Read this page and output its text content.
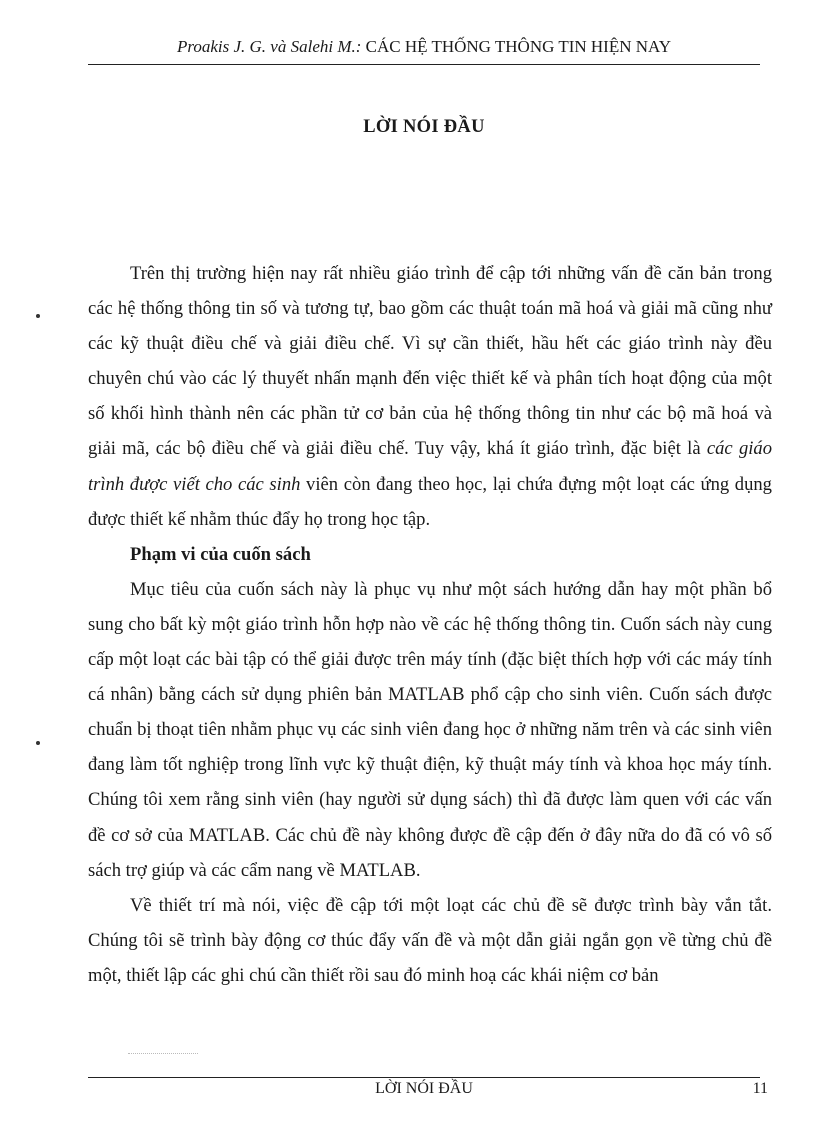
Proakis J. G. và Salehi M.: CÁC HỆ THỐNG THÔNG TIN HIỆN NAY
LỜI NÓI ĐẦU

Trên thị trường hiện nay rất nhiều giáo trình để cập tới những vấn đề căn bản trong các hệ thống thông tin số và tương tự, bao gồm các thuật toán mã hoá và giải mã cũng như các kỹ thuật điều chế và giải điều chế. Vì sự cần thiết, hầu hết các giáo trình này đều chuyên chú vào các lý thuyết nhấn mạnh đến việc thiết kế và phân tích hoạt động của một số khối hình thành nên các phần tử cơ bản của hệ thống thông tin như các bộ mã hoá và giải mã, các bộ điều chế và giải điều chế. Tuy vậy, khá ít giáo trình, đặc biệt là các giáo trình được viết cho các sinh viên còn đang theo học, lại chứa đựng một loạt các ứng dụng được thiết kế nhằm thúc đẩy họ trong học tập.

Phạm vi của cuốn sách

Mục tiêu của cuốn sách này là phục vụ như một sách hướng dẫn hay một phần bổ sung cho bất kỳ một giáo trình hỗn hợp nào về các hệ thống thông tin. Cuốn sách này cung cấp một loạt các bài tập có thể giải được trên máy tính (đặc biệt thích hợp với các máy tính cá nhân) bằng cách sử dụng phiên bản MATLAB phổ cập cho sinh viên. Cuốn sách được chuẩn bị thoạt tiên nhằm phục vụ các sinh viên đang học ở những năm trên và các sinh viên đang làm tốt nghiệp trong lĩnh vực kỹ thuật điện, kỹ thuật máy tính và khoa học máy tính. Chúng tôi xem rằng sinh viên (hay người sử dụng sách) thì đã được làm quen với các vấn đề cơ sở của MATLAB. Các chủ đề này không được đề cập đến ở đây nữa do đã có vô số sách trợ giúp và các cẩm nang về MATLAB.

Về thiết trí mà nói, việc đề cập tới một loạt các chủ đề sẽ được trình bày vắn tắt. Chúng tôi sẽ trình bày động cơ thúc đẩy vấn đề và một dẫn giải ngắn gọn về từng chủ đề một, thiết lập các ghi chú cần thiết rồi sau đó minh hoạ các khái niệm cơ bản

LỜI NÓI ĐẦU	11
